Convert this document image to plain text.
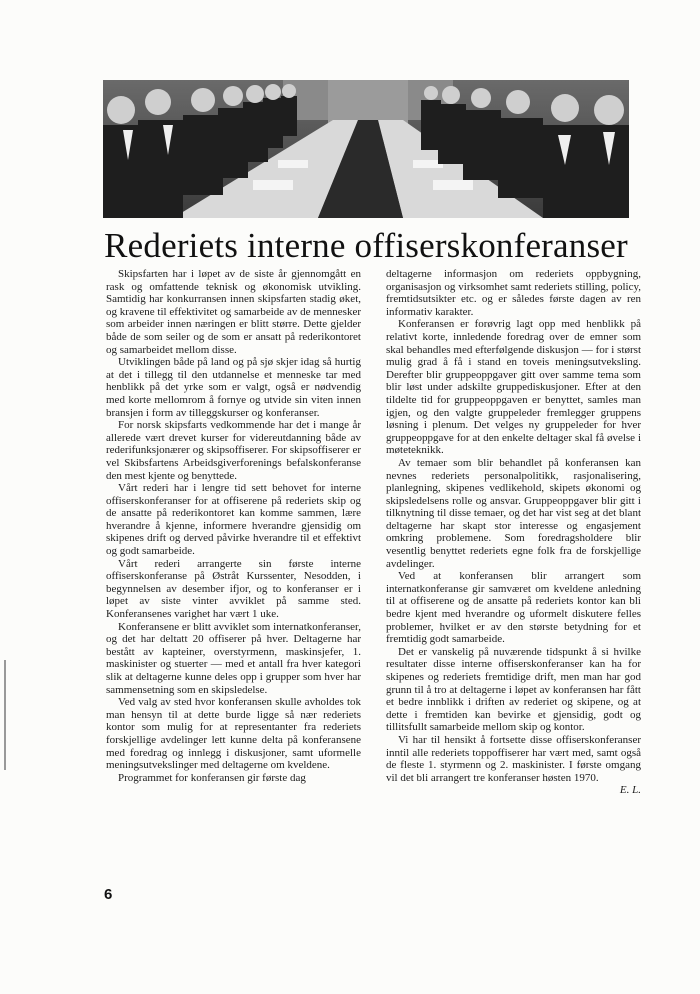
Rederiets interne offiserskonferanser

Skipsfarten har i løpet av de siste år gjennomgått en rask og omfattende teknisk og økonomisk utvikling. Samtidig har konkurransen innen skipsfarten stadig øket, og kravene til effektivitet og samarbeide av de mennesker som arbeider innen næringen er blitt større. Dette gjelder både de som seiler og de som er ansatt på rederikontoret og samarbeidet mellom disse.

Utviklingen både på land og på sjø skjer idag så hurtig at det i tillegg til den utdannelse et menneske tar med henblikk på det yrke som er valgt, også er nødvendig med korte mellomrom å fornye og utvide sin viten innen bransjen i form av tilleggskurser og konferanser.

For norsk skipsfarts vedkommende har det i mange år allerede vært drevet kurser for videreutdanning både av rederifunksjonærer og skipsoffiserer. For skipsoffiserer er vel Skibsfartens Arbeidsgiverforenings befalskonferanse den mest kjente og benyttede.

Vårt rederi har i lengre tid sett behovet for interne offiserskonferanser for at offiserene på rederiets skip og de ansatte på rederikontoret kan komme sammen, lære hverandre å kjenne, informere hverandre gjensidig om skipenes drift og derved påvirke hverandre til et effektivt og godt samarbeide.

Vårt rederi arrangerte sin første interne offiserskonferanse på Østråt Kurssenter, Nesodden, i begynnelsen av desember ifjor, og to konferanser er i løpet av siste vinter avviklet på samme sted. Konferansenes varighet har vært 1 uke.

Konferansene er blitt avviklet som internatkonferanser, og det har deltatt 20 offiserer på hver. Deltagerne har bestått av kapteiner, overstyrmenn, maskinsjefer, 1. maskinister og stuerter — med et antall fra hver kategori slik at deltagerne kunne deles opp i grupper som hver har sammensetning som en skipsledelse.

Ved valg av sted hvor konferansen skulle avholdes tok man hensyn til at dette burde ligge så nær rederiets kontor som mulig for at representanter fra rederiets forskjellige avdelinger lett kunne delta på konferansene med foredrag og innlegg i diskusjoner, samt uformelle meningsutvekslinger med deltagerne om kveldene.

Programmet for konferansen gir første dag

deltagerne informasjon om rederiets oppbygning, organisasjon og virksomhet samt rederiets stilling, policy, fremtidsutsikter etc. og er således første dagen av ren informativ karakter.

Konferansen er forøvrig lagt opp med henblikk på relativt korte, innledende foredrag over de emner som skal behandles med efterfølgende diskusjon — for i størst mulig grad å få i stand en toveis meningsutveksling. Derefter blir gruppeoppgaver gitt over samme tema som blir løst under adskilte gruppediskusjoner. Efter at den tildelte tid for gruppeoppgaven er benyttet, samles man igjen, og den valgte gruppeleder fremlegger gruppens løsning i plenum. Det velges ny gruppeleder for hver gruppeoppgave for at den enkelte deltager skal få øvelse i møteteknikk.

Av temaer som blir behandlet på konferansen kan nevnes rederiets personalpolitikk, rasjonalisering, planlegning, skipenes vedlikehold, skipets økonomi og skipsledelsens rolle og ansvar. Gruppeoppgaver blir gitt i tilknytning til disse temaer, og det har vist seg at det blant deltagerne har skapt stor interesse og engasjement omkring problemene. Som foredragsholdere blir vesentlig benyttet rederiets egne folk fra de forskjellige avdelinger.

Ved at konferansen blir arrangert som internatkonferanse gir samværet om kveldene anledning til at offiserene og de ansatte på rederiets kontor kan bli bedre kjent med hverandre og uformelt diskutere felles problemer, hvilket er av den største betydning for et fremtidig godt samarbeide.

Det er vanskelig på nuværende tidspunkt å si hvilke resultater disse interne offiserskonferanser kan ha for skipenes og rederiets fremtidige drift, men man har god grunn til å tro at deltagerne i løpet av konferansen har fått et bedre innblikk i driften av rederiet og skipene, og at dette i fremtiden kan bevirke et gjensidig, godt og tillitsfullt samarbeide mellom skip og kontor.

Vi har til hensikt å fortsette disse offiserskonferanser inntil alle rederiets toppoffiserer har vært med, samt også de fleste 1. styrmenn og 2. maskinister. I første omgang vil det bli arrangert tre konferanser høsten 1970.

E. L.

6
